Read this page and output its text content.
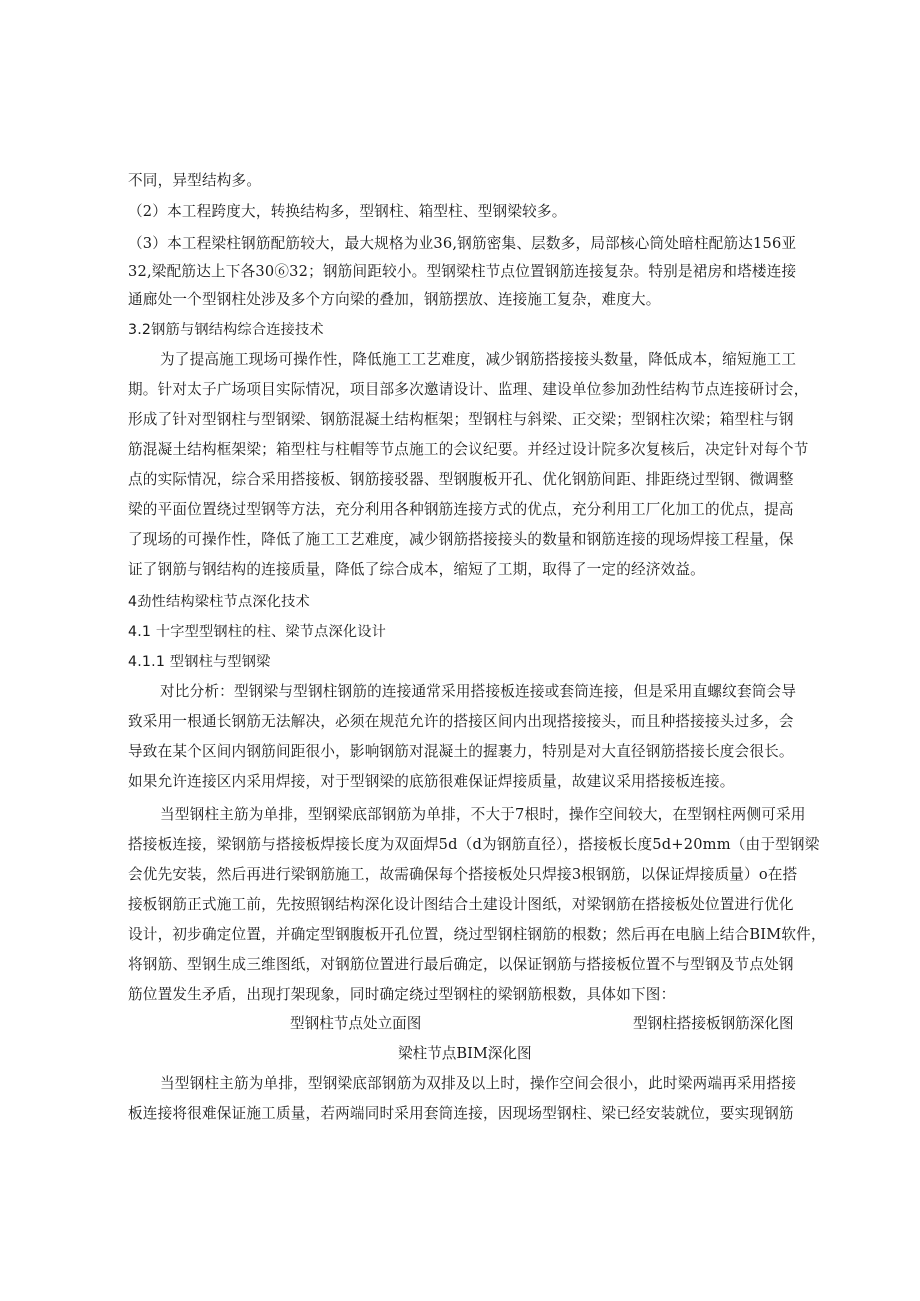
不同，异型结构多。
（2）本工程跨度大，转换结构多，型钢柱、箱型柱、型钢梁较多。
（3）本工程梁柱钢筋配筋较大，最大规格为业36,钢筋密集、层数多，局部核心筒处暗柱配筋达156亚
32,梁配筋达上下各30⑥32；钢筋间距较小。型钢梁柱节点位置钢筋连接复杂。特别是裙房和塔楼连接
通廊处一个型钢柱处涉及多个方向梁的叠加，钢筋摆放、连接施工复杂，难度大。
3.2钢筋与钢结构综合连接技术
为了提高施工现场可操作性，降低施工工艺难度，减少钢筋搭接接头数量，降低成本，缩短施工工
期。针对太子广场项目实际情况，项目部多次邀请设计、监理、建设单位参加劲性结构节点连接研讨会，
形成了针对型钢柱与型钢梁、钢筋混凝土结构框架；型钢柱与斜梁、正交梁；型钢柱次梁；箱型柱与钢
筋混凝土结构框架梁；箱型柱与柱帽等节点施工的会议纪要。并经过设计院多次复核后，决定针对每个节
点的实际情况，综合采用搭接板、钢筋接驳器、型钢腹板开孔、优化钢筋间距、排距绕过型钢、微调整
梁的平面位置绕过型钢等方法，充分利用各种钢筋连接方式的优点，充分利用工厂化加工的优点，提高
了现场的可操作性，降低了施工工艺难度，减少钢筋搭接接头的数量和钢筋连接的现场焊接工程量，保
证了钢筋与钢结构的连接质量，降低了综合成本，缩短了工期，取得了一定的经济效益。
4劲性结构梁柱节点深化技术
4.1 十字型型钢柱的柱、梁节点深化设计
4.1.1 型钢柱与型钢梁
对比分析：型钢梁与型钢柱钢筋的连接通常采用搭接板连接或套筒连接，但是采用直螺纹套筒会导
致采用一根通长钢筋无法解决，必须在规范允许的搭接区间内出现搭接接头，而且种搭接接头过多，会
导致在某个区间内钢筋间距很小，影响钢筋对混凝土的握裹力，特别是对大直径钢筋搭接长度会很长。
如果允许连接区内采用焊接，对于型钢梁的底筋很难保证焊接质量，故建议采用搭接板连接。
当型钢柱主筋为单排，型钢梁底部钢筋为单排，不大于7根时，操作空间较大，在型钢柱两侧可采用
搭接板连接，梁钢筋与搭接板焊接长度为双面焊5d（d为钢筋直径），搭接板长度5d+20mm（由于型钢梁
会优先安装，然后再进行梁钢筋施工，故需确保每个搭接板处只焊接3根钢筋，以保证焊接质量）o在搭
接板钢筋正式施工前，先按照钢结构深化设计图结合土建设计图纸，对梁钢筋在搭接板处位置进行优化
设计，初步确定位置，并确定型钢腹板开孔位置，绕过型钢柱钢筋的根数；然后再在电脑上结合BIM软件，
将钢筋、型钢生成三维图纸，对钢筋位置进行最后确定，以保证钢筋与搭接板位置不与型钢及节点处钢
筋位置发生矛盾，出现打架现象，同时确定绕过型钢柱的梁钢筋根数，具体如下图：
型钢柱节点处立面图	型钢柱搭接板钢筋深化图
梁柱节点BIM深化图
当型钢柱主筋为单排，型钢梁底部钢筋为双排及以上时，操作空间会很小，此时梁两端再采用搭接
板连接将很难保证施工质量，若两端同时采用套筒连接，因现场型钢柱、梁已经安装就位，要实现钢筋
